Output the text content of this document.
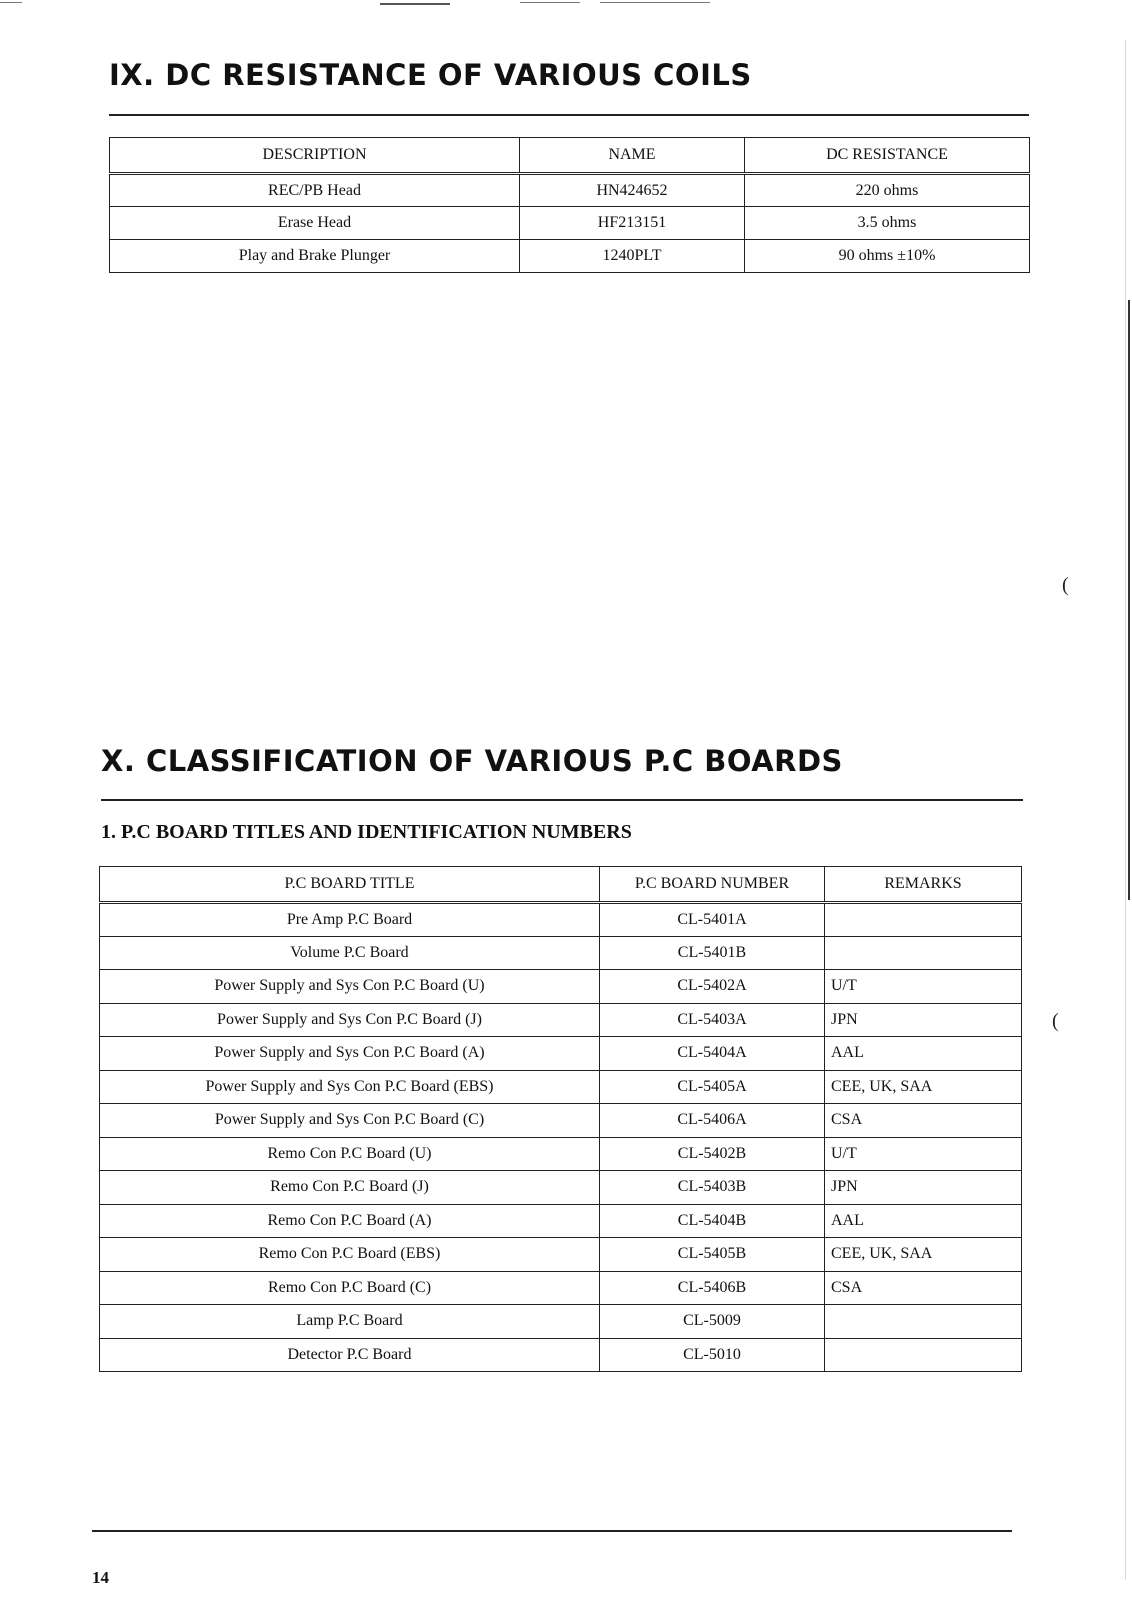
IX. DC RESISTANCE OF VARIOUS COILS
DESCRIPTION	NAME	DC RESISTANCE
REC/PB Head	HN424652	220 ohms
Erase Head	HF213151	3.5 ohms
Play and Brake Plunger	1240PLT	90 ohms ±10%
(
X. CLASSIFICATION OF VARIOUS P.C BOARDS
1. P.C BOARD TITLES AND IDENTIFICATION NUMBERS
P.C BOARD TITLE	P.C BOARD NUMBER	REMARKS
Pre Amp P.C Board	CL-5401A	
Volume P.C Board	CL-5401B	
Power Supply and Sys Con P.C Board (U)	CL-5402A	U/T
Power Supply and Sys Con P.C Board (J)	CL-5403A	JPN
Power Supply and Sys Con P.C Board (A)	CL-5404A	AAL
Power Supply and Sys Con P.C Board (EBS)	CL-5405A	CEE, UK, SAA
Power Supply and Sys Con P.C Board (C)	CL-5406A	CSA
Remo Con P.C Board (U)	CL-5402B	U/T
Remo Con P.C Board (J)	CL-5403B	JPN
Remo Con P.C Board (A)	CL-5404B	AAL
Remo Con P.C Board (EBS)	CL-5405B	CEE, UK, SAA
Remo Con P.C Board (C)	CL-5406B	CSA
Lamp P.C Board	CL-5009	
Detector P.C Board	CL-5010	
(
14
